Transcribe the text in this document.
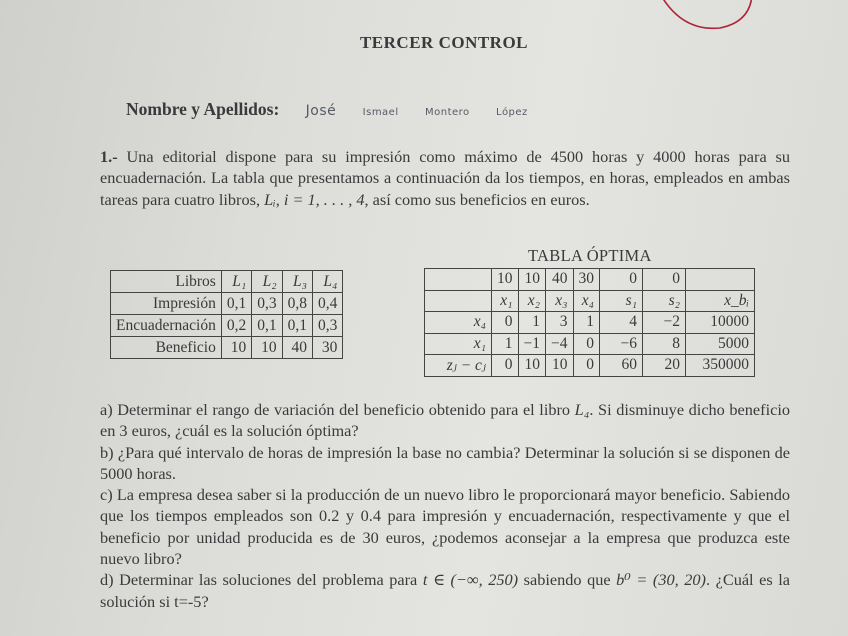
TERCER CONTROL
Nombre y Apellidos: José	Ismael	Montero	López
1.- Una editorial dispone para su impresión como máximo de 4500 horas y 4000 horas para su encuadernación. La tabla que presentamos a continuación da los tiempos, en horas, empleados en ambas tareas para cuatro libros, Lᵢ, i = 1, . . . , 4, así como sus beneficios en euros.
Libros	L₁	L₂	L₃	L₄
Impresión	0,1	0,3	0,8	0,4
Encuadernación	0,2	0,1	0,1	0,3
Beneficio	10	10	40	30
TABLA ÓPTIMA
	10	10	40	30	0	0	
	x₁	x₂	x₃	x₄	s₁	s₂	x_bᵢ
x₄	0	1	3	1	4	−2	10000
x₁	1	−1	−4	0	−6	8	5000
zⱼ − cⱼ	0	10	10	0	60	20	350000
a) Determinar el rango de variación del beneficio obtenido para el libro L₄. Si disminuye dicho beneficio en 3 euros, ¿cuál es la solución óptima?
b) ¿Para qué intervalo de horas de impresión la base no cambia? Determinar la solución si se disponen de 5000 horas.
c) La empresa desea saber si la producción de un nuevo libro le proporcionará mayor beneficio. Sabiendo que los tiempos empleados son 0.2 y 0.4 para impresión y encuadernación, respectivamente y que el beneficio por unidad producida es de 30 euros, ¿podemos aconsejar a la empresa que produzca este nuevo libro?
d) Determinar las soluciones del problema para t ∈ (−∞, 250) sabiendo que b⁰ = (30, 20). ¿Cuál es la solución si t=-5?
